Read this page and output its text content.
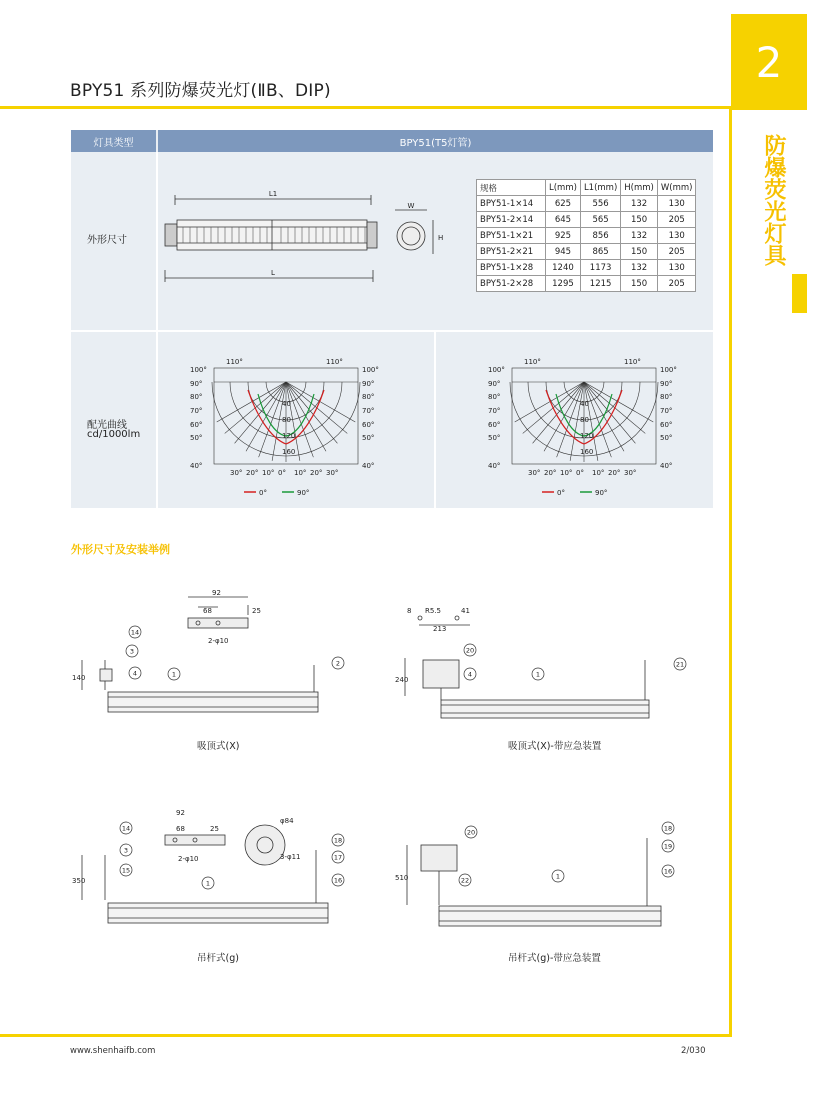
BPY51 系列防爆荧光灯(ⅡB、DIP)
2
防爆荧光灯具
灯具类型	BPY51(T5灯管)
外形尺寸
配光曲线
cd/1000lm
L1
L
W
H
规格	L(mm)	L1(mm)	H(mm)	W(mm)
BPY51-1×14	625	556	132	130
BPY51-2×14	645	565	150	205
BPY51-1×21	925	856	132	130
BPY51-2×21	945	865	150	205
BPY51-1×28	1240	1173	132	130
BPY51-2×28	1295	1215	150	205
100°	100°
90°	90°
80°	80°
70°	70°
60°	60°
50°	50°
40°	40°
110°	110°
30° 20° 10° 0° 10° 20° 30°
40
80
120
160
0°	90°
100°	100°
90°	90°
80°	80°
70°	70°
60°	60°
50°	50°
40°	40°
110°	110°
30° 20° 10° 0° 10° 20° 30°
40
80
120
160
0°	90°
外形尺寸及安装举例
92
68	25
2-φ10
140
14
3
4	1
2
吸顶式(X)
8 R5.5	41
213
240
20
4	1
21
吸顶式(X)-带应急装置
92
68	25
2-φ10
φ84
3-φ11
350
14
3
15
1
18
17
16
吊杆式(g)
510
20
22	1
18
19
16
吊杆式(g)-带应急装置
www.shenhaifb.com	2/030
